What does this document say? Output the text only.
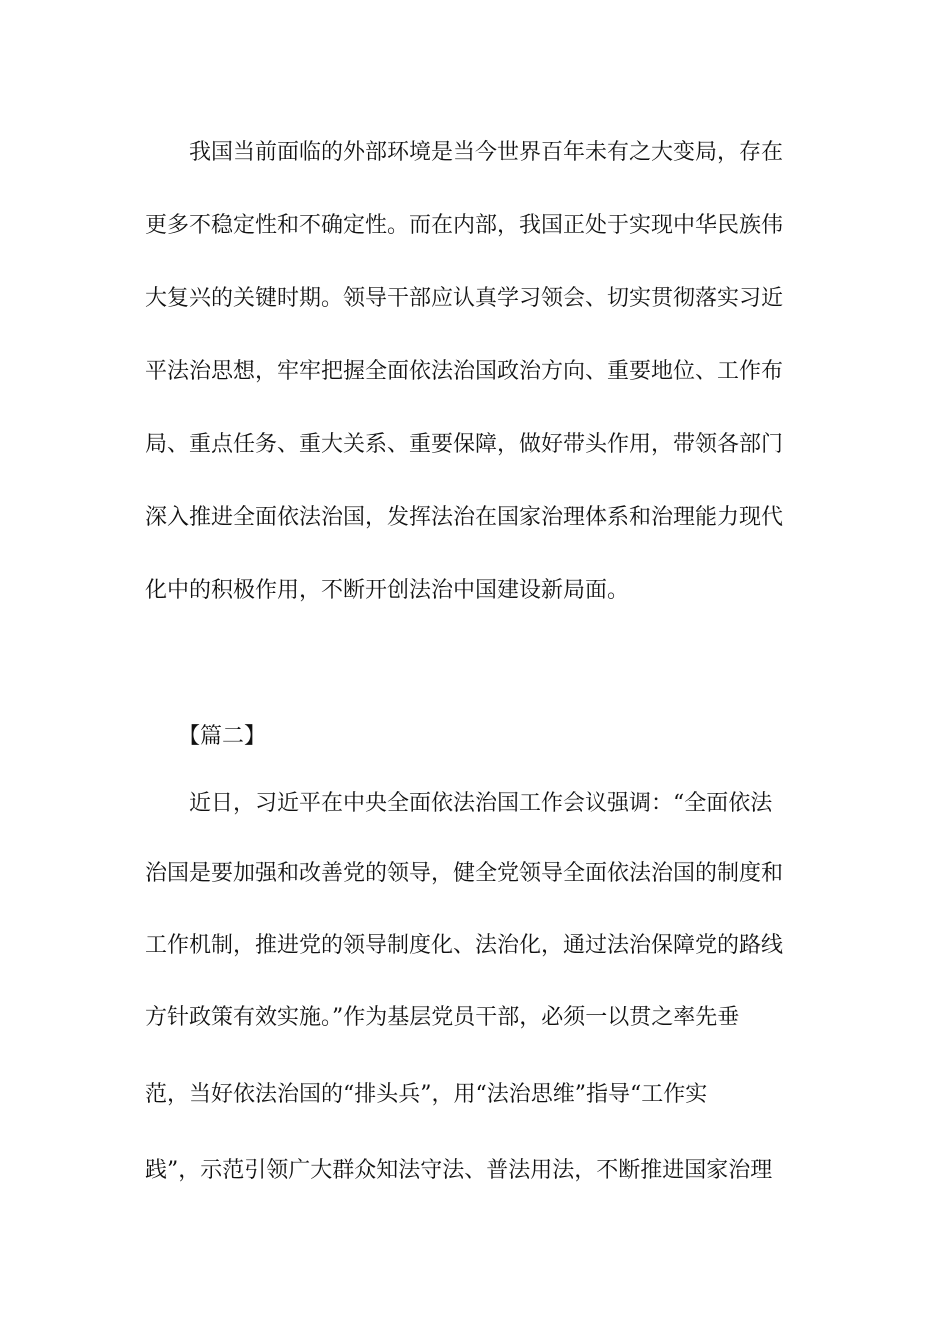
我国当前面临的外部环境是当今世界百年未有之大变局，存在
更多不稳定性和不确定性。而在内部，我国正处于实现中华民族伟
大复兴的关键时期。领导干部应认真学习领会、切实贯彻落实习近
平法治思想，牢牢把握全面依法治国政治方向、重要地位、工作布
局、重点任务、重大关系、重要保障，做好带头作用，带领各部门
深入推进全面依法治国，发挥法治在国家治理体系和治理能力现代
化中的积极作用，不断开创法治中国建设新局面。
【篇二】
近日，习近平在中央全面依法治国工作会议强调：“全面依法
治国是要加强和改善党的领导，健全党领导全面依法治国的制度和
工作机制，推进党的领导制度化、法治化，通过法治保障党的路线
方针政策有效实施。”作为基层党员干部，必须一以贯之率先垂
范，当好依法治国的“排头兵”，用“法治思维”指导“工作实
践”，示范引领广大群众知法守法、普法用法，不断推进国家治理
